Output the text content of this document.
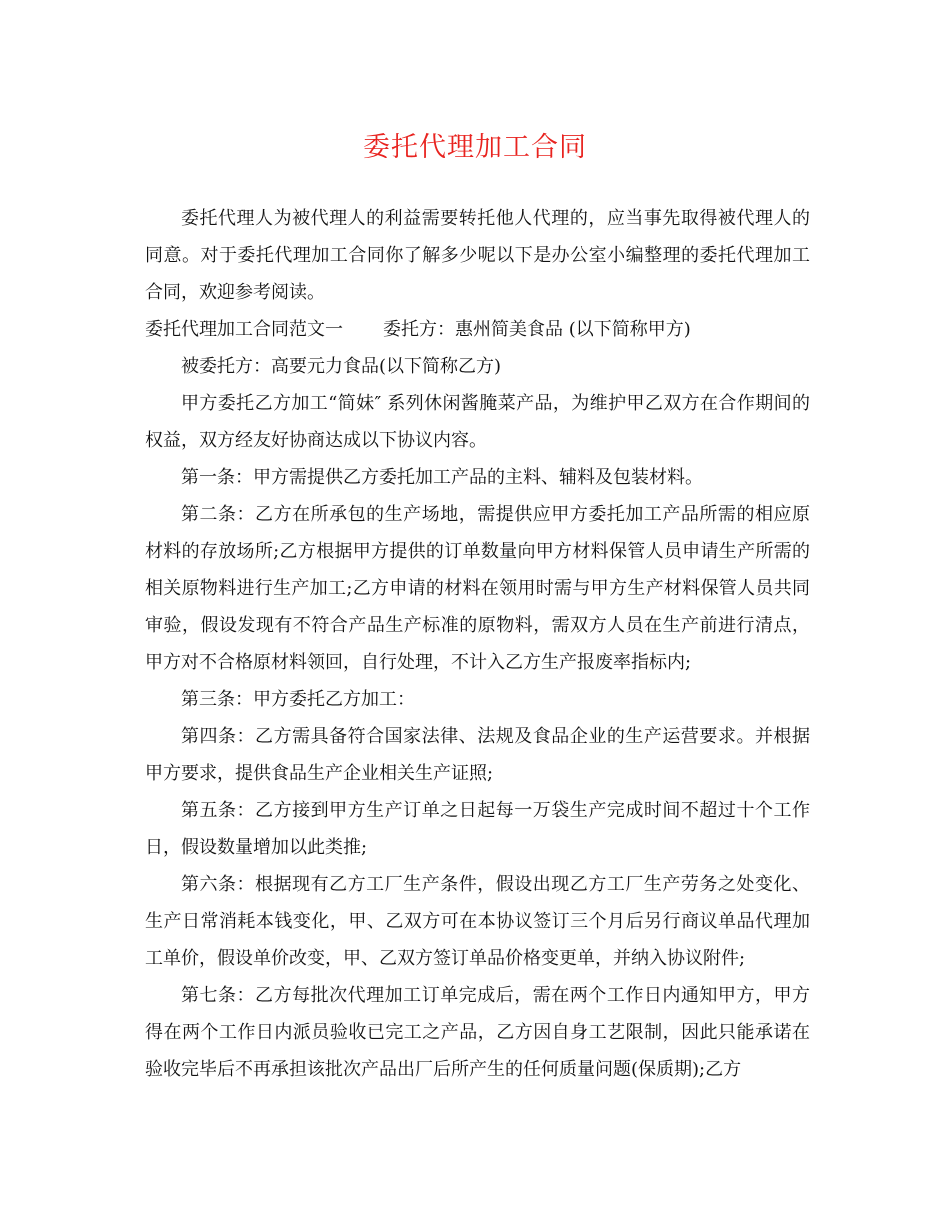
委托代理加工合同

委托代理人为被代理人的利益需要转托他人代理的，应当事先取得被代理人的同意。对于委托代理加工合同你了解多少呢以下是办公室小编整理的委托代理加工合同，欢迎参考阅读。

委托代理加工合同范文一 委托方：惠州简美食品 (以下简称甲方)

被委托方：高要元力食品(以下简称乙方)

甲方委托乙方加工“简妹″ 系列休闲酱腌菜产品，为维护甲乙双方在合作期间的权益，双方经友好协商达成以下协议内容。

第一条：甲方需提供乙方委托加工产品的主料、辅料及包装材料。

第二条：乙方在所承包的生产场地，需提供应甲方委托加工产品所需的相应原材料的存放场所;乙方根据甲方提供的订单数量向甲方材料保管人员申请生产所需的相关原物料进行生产加工;乙方申请的材料在领用时需与甲方生产材料保管人员共同审验，假设发现有不符合产品生产标准的原物料，需双方人员在生产前进行清点，甲方对不合格原材料领回，自行处理，不计入乙方生产报废率指标内;

第三条：甲方委托乙方加工：

第四条：乙方需具备符合国家法律、法规及食品企业的生产运营要求。并根据甲方要求，提供食品生产企业相关生产证照;

第五条：乙方接到甲方生产订单之日起每一万袋生产完成时间不超过十个工作日，假设数量增加以此类推;

第六条：根据现有乙方工厂生产条件，假设出现乙方工厂生产劳务之处变化、生产日常消耗本钱变化，甲、乙双方可在本协议签订三个月后另行商议单品代理加工单价，假设单价改变，甲、乙双方签订单品价格变更单，并纳入协议附件;

第七条：乙方每批次代理加工订单完成后，需在两个工作日内通知甲方，甲方得在两个工作日内派员验收已完工之产品，乙方因自身工艺限制，因此只能承诺在验收完毕后不再承担该批次产品出厂后所产生的任何质量问题(保质期);乙方
